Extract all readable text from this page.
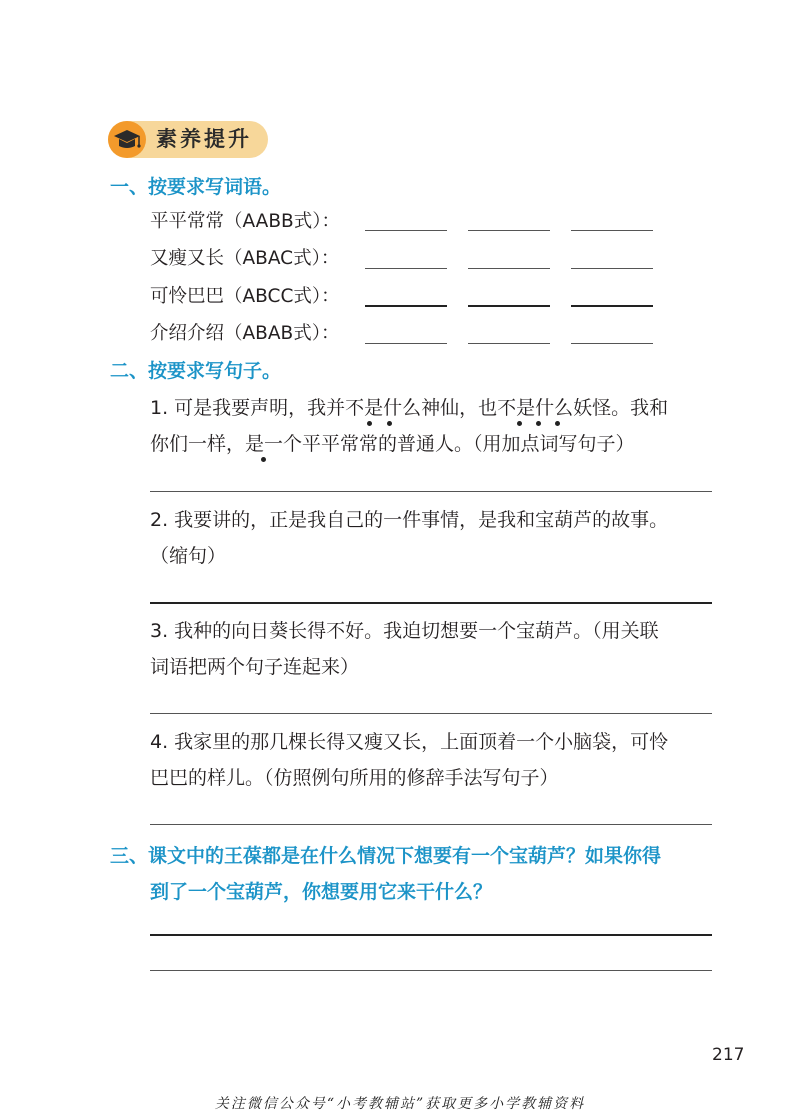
素养提升
一、按要求写词语。
平平常常（AABB式）：
又瘦又长（ABAC式）：
可怜巴巴（ABCC式）：
介绍介绍（ABAB式）：
二、按要求写句子。
1. 可是我要声明，我并不是什么神仙，也不是什么妖怪。我和
你们一样，是一个平平常常的普通人。（用加点词写句子）
2. 我要讲的，正是我自己的一件事情，是我和宝葫芦的故事。
（缩句）
3. 我种的向日葵长得不好。我迫切想要一个宝葫芦。（用关联
词语把两个句子连起来）
4. 我家里的那几棵长得又瘦又长，上面顶着一个小脑袋，可怜
巴巴的样儿。（仿照例句所用的修辞手法写句子）
三、课文中的王葆都是在什么情况下想要有一个宝葫芦？如果你得
到了一个宝葫芦，你想要用它来干什么？
217
关注微信公众号“小考教辅站”获取更多小学教辅资料
